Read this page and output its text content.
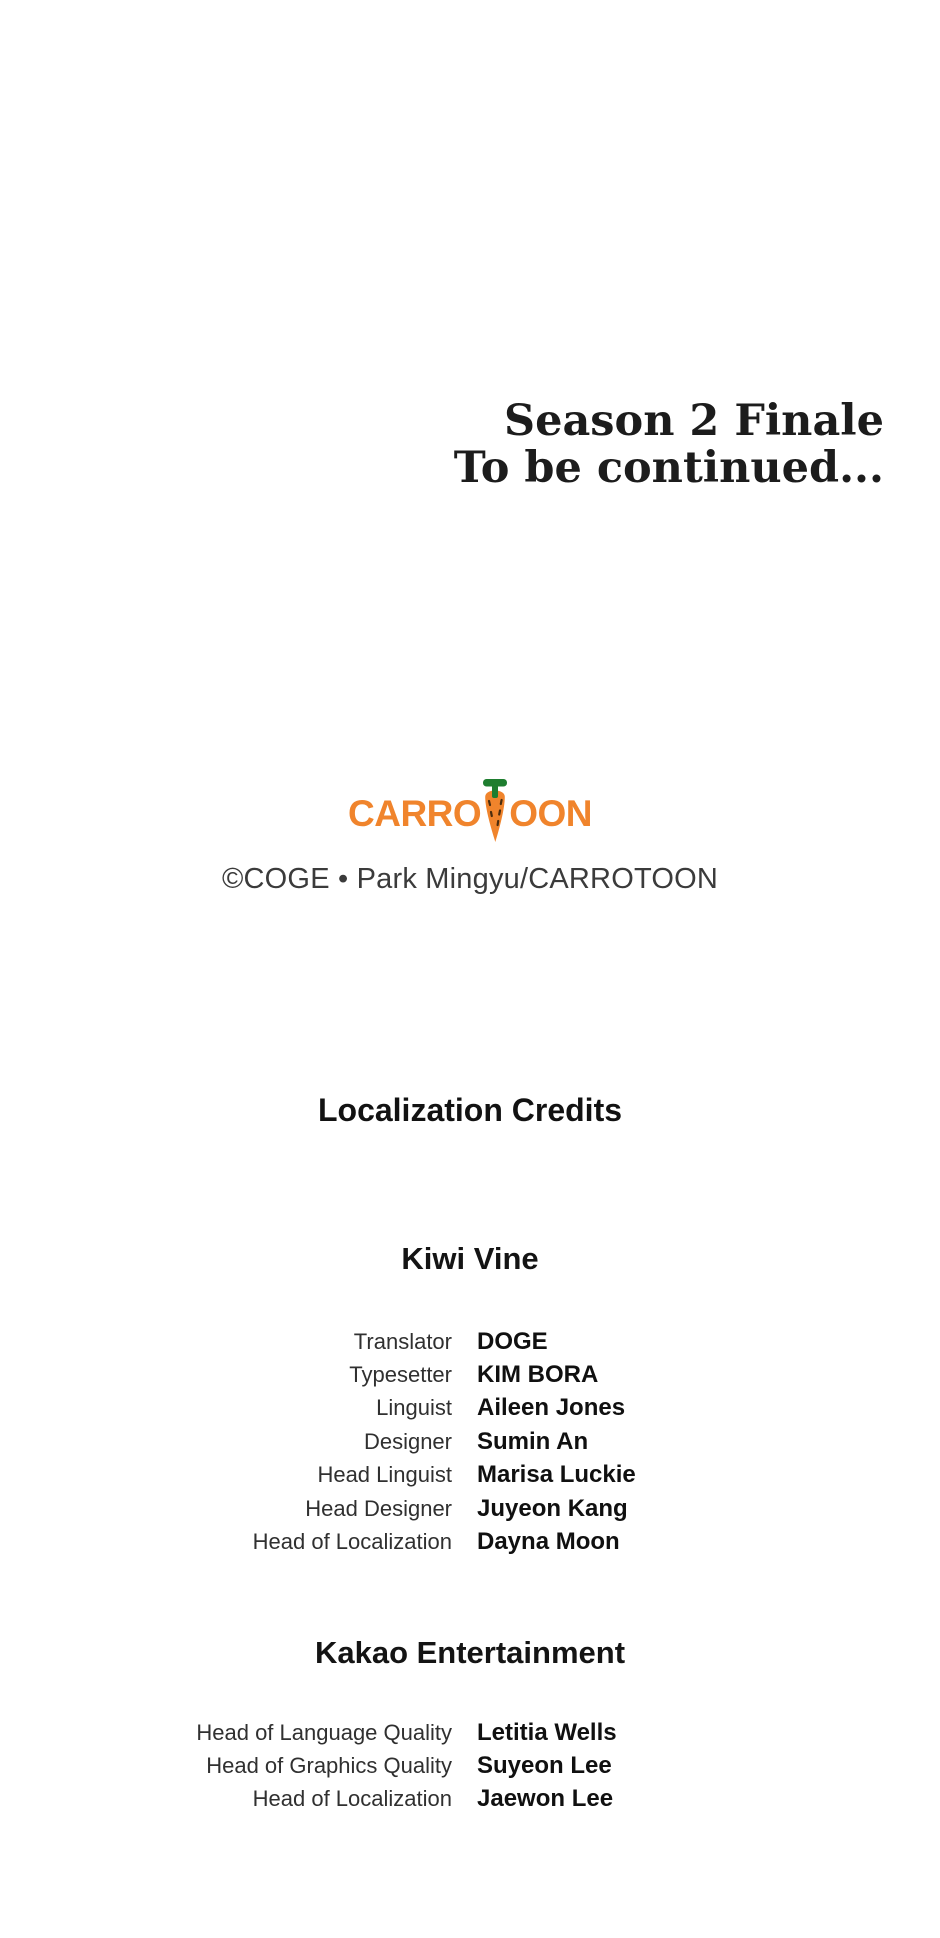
Season 2 Finale
To be continued...
CARRO OON
©COGE • Park Mingyu/CARROTOON
Localization Credits
Kiwi Vine
Translator DOGE
Typesetter KIM BORA
Linguist Aileen Jones
Designer Sumin An
Head Linguist Marisa Luckie
Head Designer Juyeon Kang
Head of Localization Dayna Moon
Kakao Entertainment
Head of Language Quality Letitia Wells
Head of Graphics Quality Suyeon Lee
Head of Localization Jaewon Lee
